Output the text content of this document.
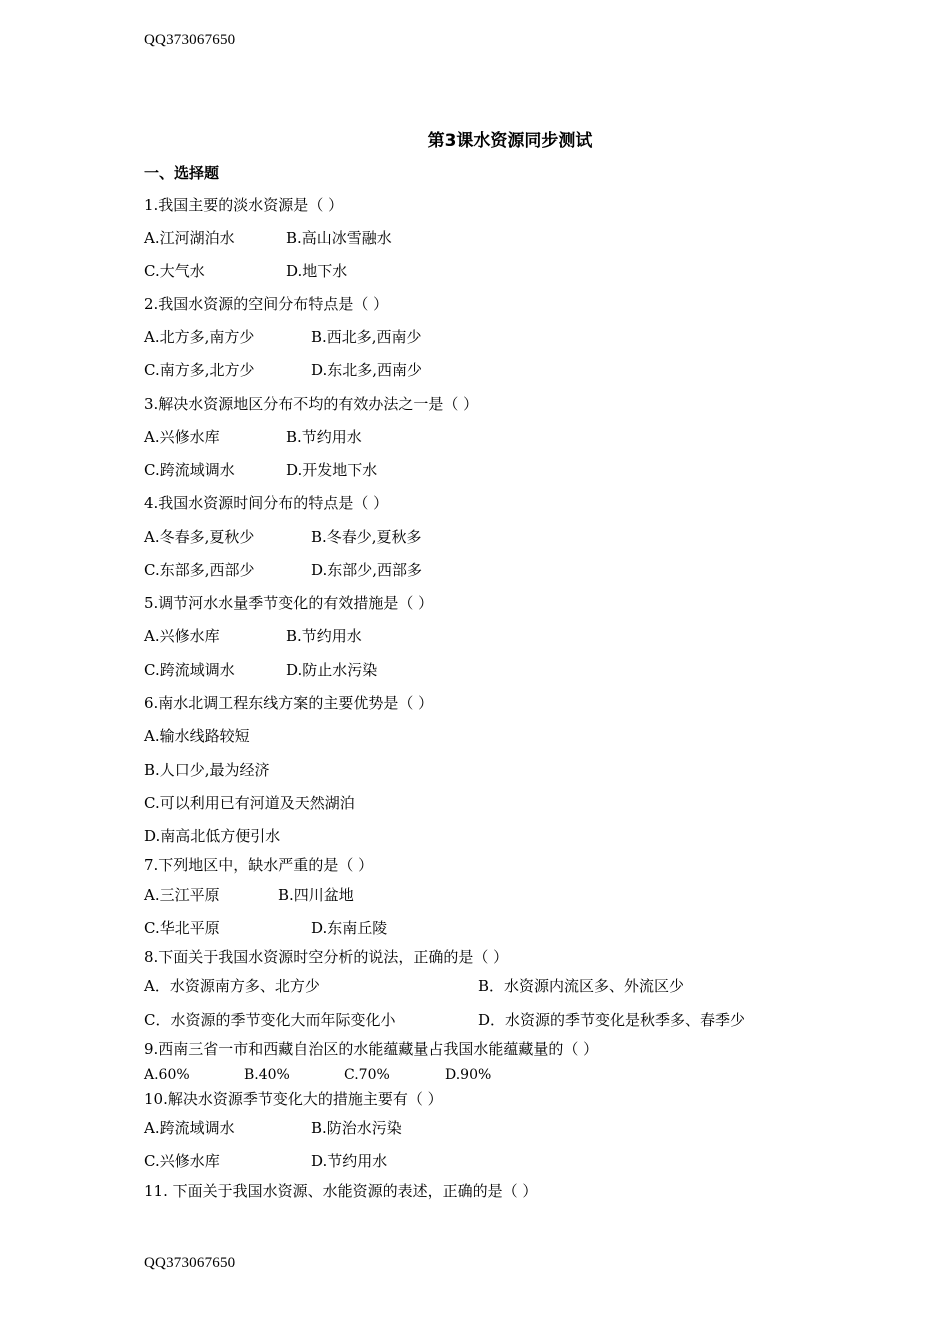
QQ373067650
第3课水资源同步测试
一、选择题
1.我国主要的淡水资源是（ ）
A.江河湖泊水	B.高山冰雪融水
C.大气水	D.地下水
2.我国水资源的空间分布特点是（ ）
A.北方多,南方少	B.西北多,西南少
C.南方多,北方少	D.东北多,西南少
3.解决水资源地区分布不均的有效办法之一是（ ）
A.兴修水库	B.节约用水
C.跨流域调水	D.开发地下水
4.我国水资源时间分布的特点是（ ）
A.冬春多,夏秋少	B.冬春少,夏秋多
C.东部多,西部少	D.东部少,西部多
5.调节河水水量季节变化的有效措施是（ ）
A.兴修水库	B.节约用水
C.跨流域调水	D.防止水污染
6.南水北调工程东线方案的主要优势是（ ）
A.输水线路较短
B.人口少,最为经济
C.可以利用已有河道及天然湖泊
D.南高北低方便引水
7.下列地区中，缺水严重的是（ ）
A.三江平原	B.四川盆地
C.华北平原	D.东南丘陵
8.下面关于我国水资源时空分析的说法，正确的是（ ）
A．水资源南方多、北方少	B．水资源内流区多、外流区少
C．水资源的季节变化大而年际变化小	D．水资源的季节变化是秋季多、春季少
9.西南三省一市和西藏自治区的水能蕴藏量占我国水能蕴藏量的（ ）
A.60%	B.40%	C.70%	D.90%
10.解决水资源季节变化大的措施主要有（ ）
A.跨流域调水	B.防治水污染
C.兴修水库	D.节约用水
11. 下面关于我国水资源、水能资源的表述，正确的是（ ）
QQ373067650
